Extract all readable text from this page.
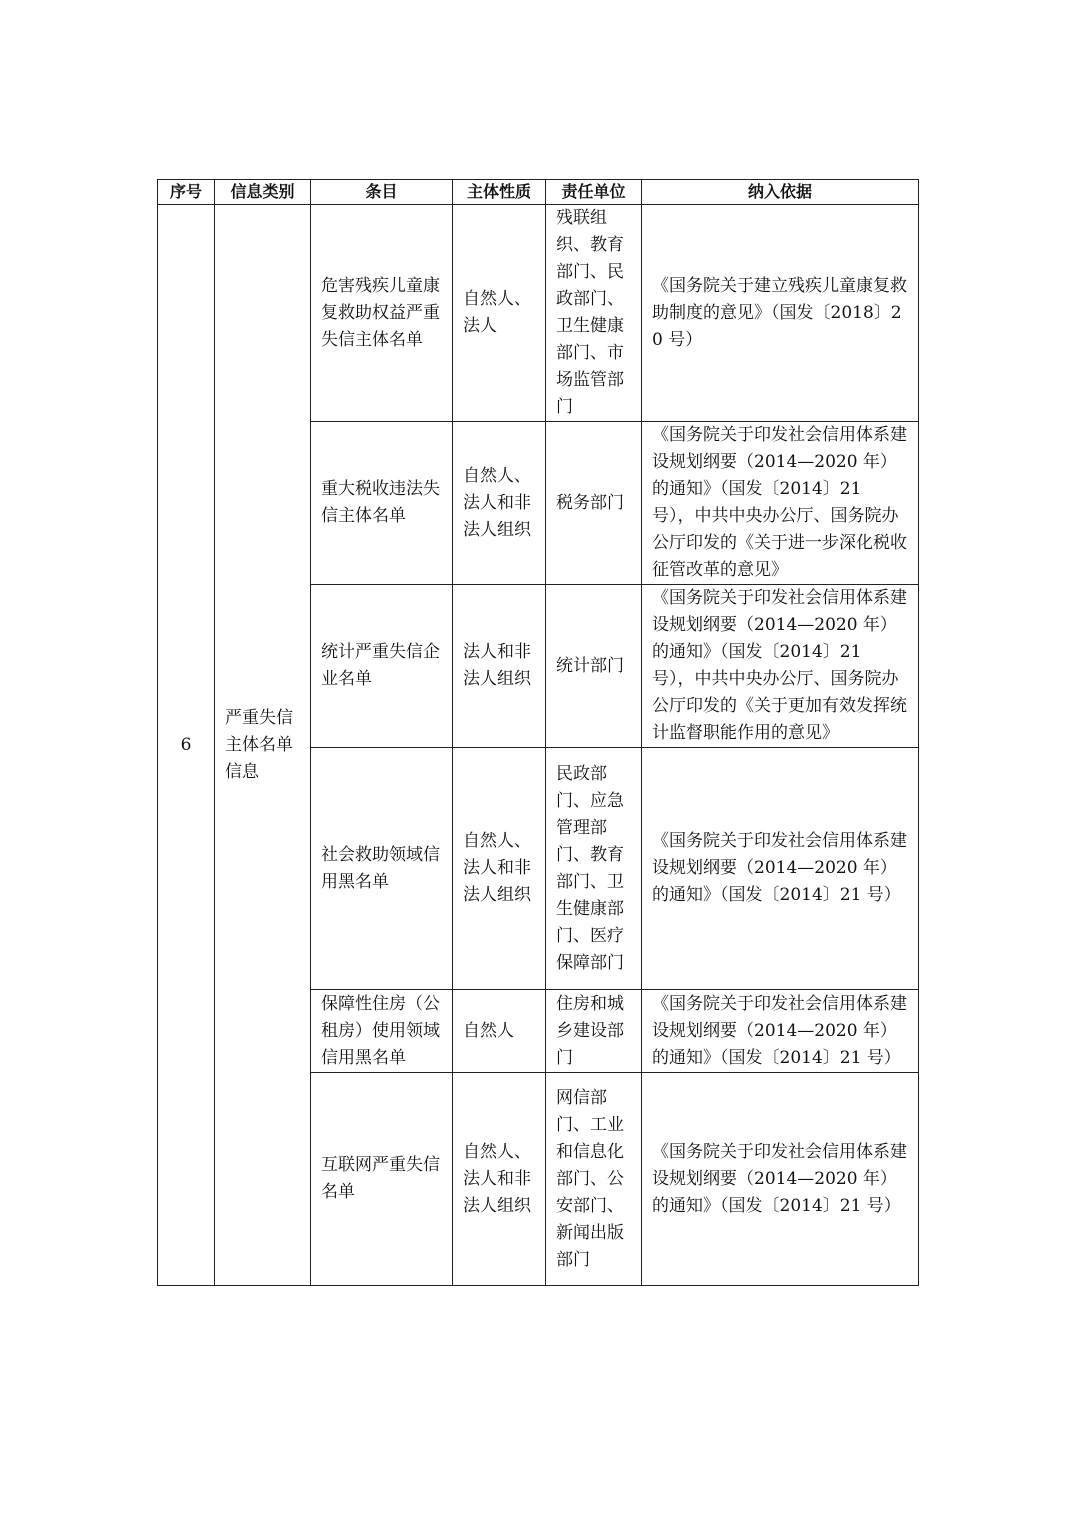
序号	信息类别	条目	主体性质	责任单位	纳入依据
6	严重失信主体名单信息	危害残疾儿童康复救助权益严重失信主体名单	自然人、法人	残联组织、教育部门、民政部门、卫生健康部门、市场监管部门	《国务院关于建立残疾儿童康复救助制度的意见》（国发〔2018〕20 号）
		重大税收违法失信主体名单	自然人、法人和非法人组织	税务部门	《国务院关于印发社会信用体系建设规划纲要（2014—2020 年）的通知》（国发〔2014〕21 号），中共中央办公厅、国务院办公厅印发的《关于进一步深化税收征管改革的意见》
		统计严重失信企业名单	法人和非法人组织	统计部门	《国务院关于印发社会信用体系建设规划纲要（2014—2020 年）的通知》（国发〔2014〕21 号），中共中央办公厅、国务院办公厅印发的《关于更加有效发挥统计监督职能作用的意见》
		社会救助领域信用黑名单	自然人、法人和非法人组织	民政部门、应急管理部门、教育部门、卫生健康部门、医疗保障部门	《国务院关于印发社会信用体系建设规划纲要（2014—2020 年）的通知》（国发〔2014〕21 号）
		保障性住房（公租房）使用领域信用黑名单	自然人	住房和城乡建设部门	《国务院关于印发社会信用体系建设规划纲要（2014—2020 年）的通知》（国发〔2014〕21 号）
		互联网严重失信名单	自然人、法人和非法人组织	网信部门、工业和信息化部门、公安部门、新闻出版部门	《国务院关于印发社会信用体系建设规划纲要（2014—2020 年）的通知》（国发〔2014〕21 号）
